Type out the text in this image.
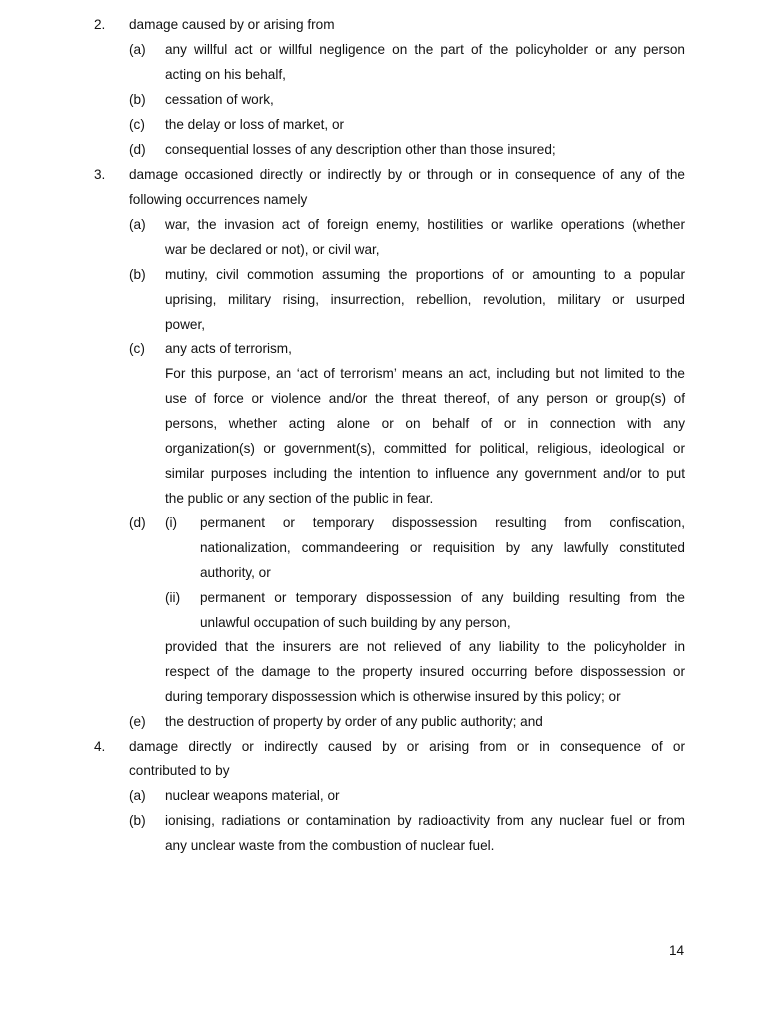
2. damage caused by or arising from
(a) any willful act or willful negligence on the part of the policyholder or any person
acting on his behalf,
(b) cessation of work,
(c) the delay or loss of market, or
(d) consequential losses of any description other than those insured;
3. damage occasioned directly or indirectly by or through or in consequence of any of the
following occurrences namely
(a) war, the invasion act of foreign enemy, hostilities or warlike operations (whether
war be declared or not), or civil war,
(b) mutiny, civil commotion assuming the proportions of or amounting to a popular
uprising, military rising, insurrection, rebellion, revolution, military or usurped
power,
(c) any acts of terrorism,
For this purpose, an ‘act of terrorism’ means an act, including but not limited to the
use of force or violence and/or the threat thereof, of any person or group(s) of
persons, whether acting alone or on behalf of or in connection with any
organization(s) or government(s), committed for political, religious, ideological or
similar purposes including the intention to influence any government and/or to put
the public or any section of the public in fear.
(d) (i) permanent or temporary dispossession resulting from confiscation,
nationalization, commandeering or requisition by any lawfully constituted
authority, or
(ii) permanent or temporary dispossession of any building resulting from the
unlawful occupation of such building by any person,
provided that the insurers are not relieved of any liability to the policyholder in
respect of the damage to the property insured occurring before dispossession or
during temporary dispossession which is otherwise insured by this policy; or
(e) the destruction of property by order of any public authority; and
4. damage directly or indirectly caused by or arising from or in consequence of or
contributed to by
(a) nuclear weapons material, or
(b) ionising, radiations or contamination by radioactivity from any nuclear fuel or from
any unclear waste from the combustion of nuclear fuel.
14
